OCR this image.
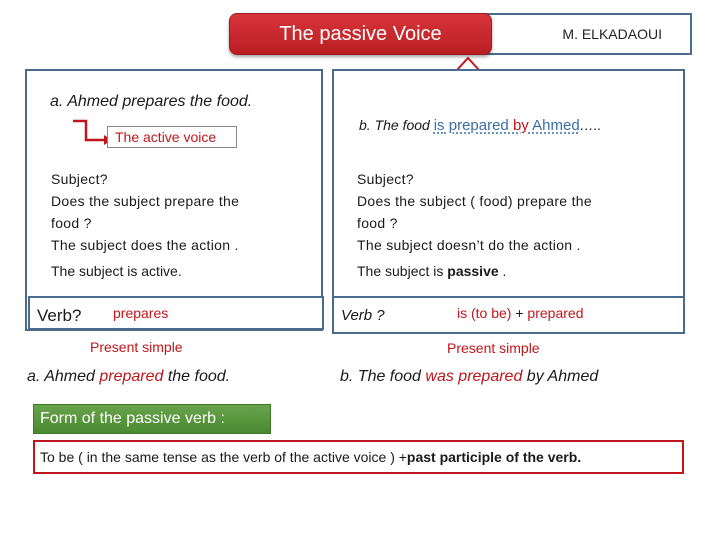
M. ELKADAOUI
The passive Voice
a. Ahmed prepares the food.
The active voice
Subject?
Does the subject prepare the
food ?
The subject does the action .
The subject is active.
b. The food is prepared by Ahmed…..
Subject?
Does the subject ( food) prepare the
food ?
The subject doesn’t do the action .
The subject is passive .
Verb? prepares	Verb ?	is (to be) + prepared
Present simple	Present simple
a. Ahmed prepared the food.	b. The food was prepared by Ahmed
Form of the passive verb :
To be ( in the same tense as the verb of the active voice ) + past participle of the verb.
